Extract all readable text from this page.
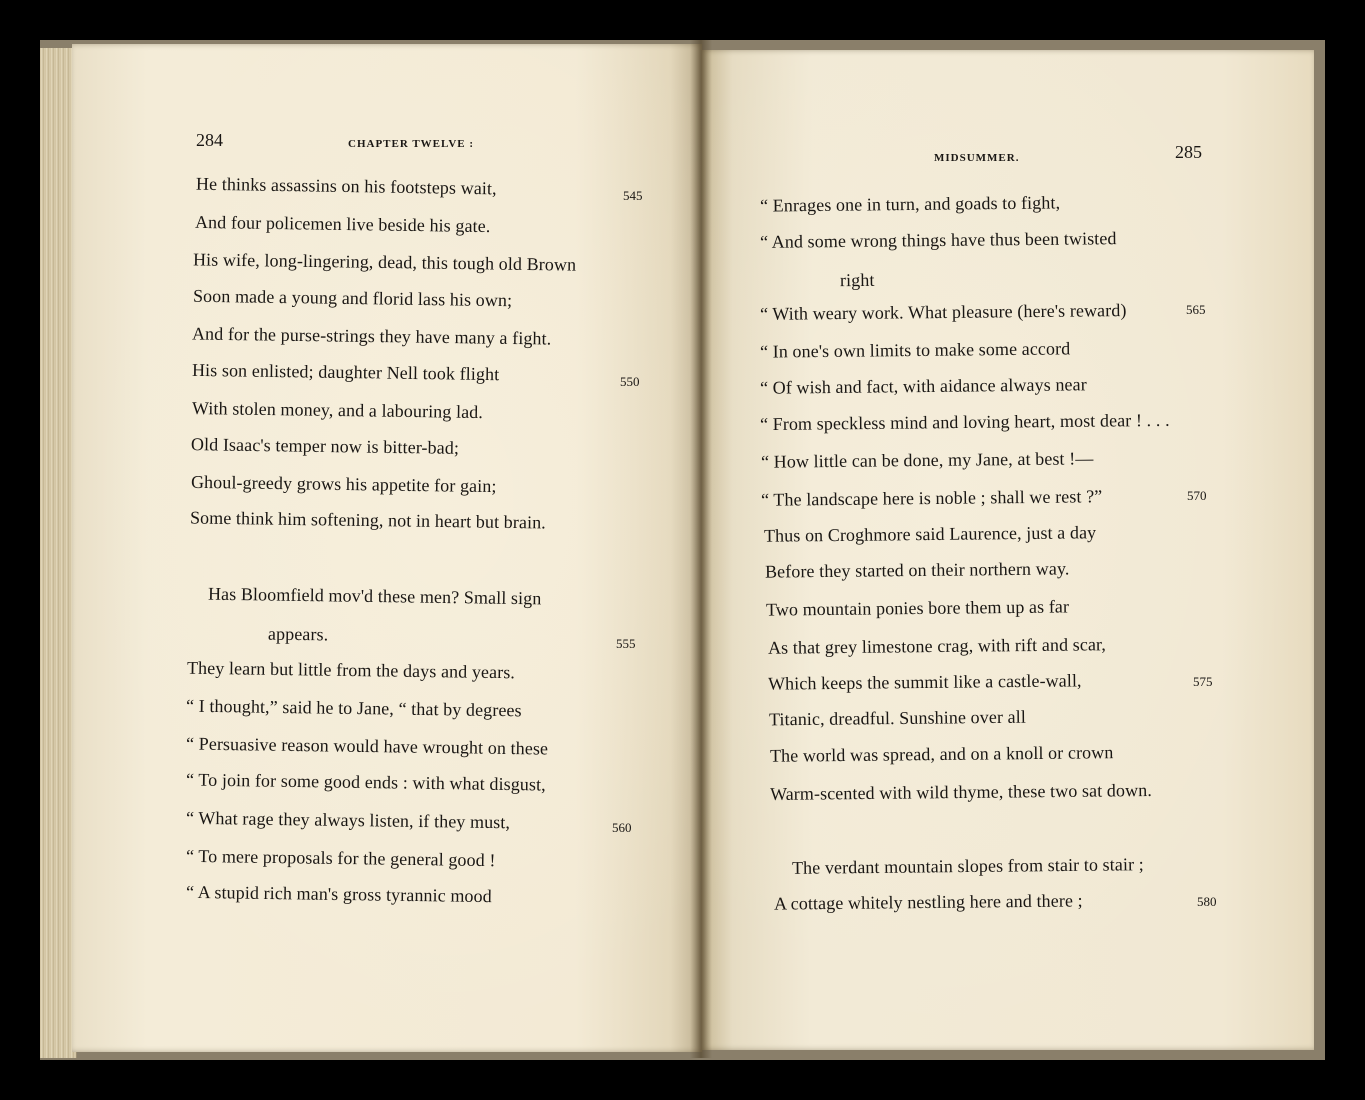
284	CHAPTER TWELVE :
He thinks assassins on his footsteps wait,
And four policemen live beside his gate.
His wife, long-lingering, dead, this tough old Brown
Soon made a young and florid lass his own;
And for the purse-strings they have many a fight.
His son enlisted; daughter Nell took flight
With stolen money, and a labouring lad.
Old Isaac's temper now is bitter-bad;
Ghoul-greedy grows his appetite for gain;
Some think him softening, not in heart but brain.
Has Bloomfield mov'd these men? Small sign
appears.
They learn but little from the days and years.
“ I thought,” said he to Jane, “ that by degrees
“ Persuasive reason would have wrought on these
“ To join for some good ends : with what disgust,
“ What rage they always listen, if they must,
“ To mere proposals for the general good !
“ A stupid rich man's gross tyrannic mood
545
550
555
560
MIDSUMMER.	285
“ Enrages one in turn, and goads to fight,
“ And some wrong things have thus been twisted
right
“ With weary work. What pleasure (here's reward)
“ In one's own limits to make some accord
“ Of wish and fact, with aidance always near
“ From speckless mind and loving heart, most dear ! . . .
“ How little can be done, my Jane, at best !—
“ The landscape here is noble ; shall we rest ?”
Thus on Croghmore said Laurence, just a day
Before they started on their northern way.
Two mountain ponies bore them up as far
As that grey limestone crag, with rift and scar,
Which keeps the summit like a castle-wall,
Titanic, dreadful. Sunshine over all
The world was spread, and on a knoll or crown
Warm-scented with wild thyme, these two sat down.
The verdant mountain slopes from stair to stair ;
A cottage whitely nestling here and there ;
565
570
575
580
